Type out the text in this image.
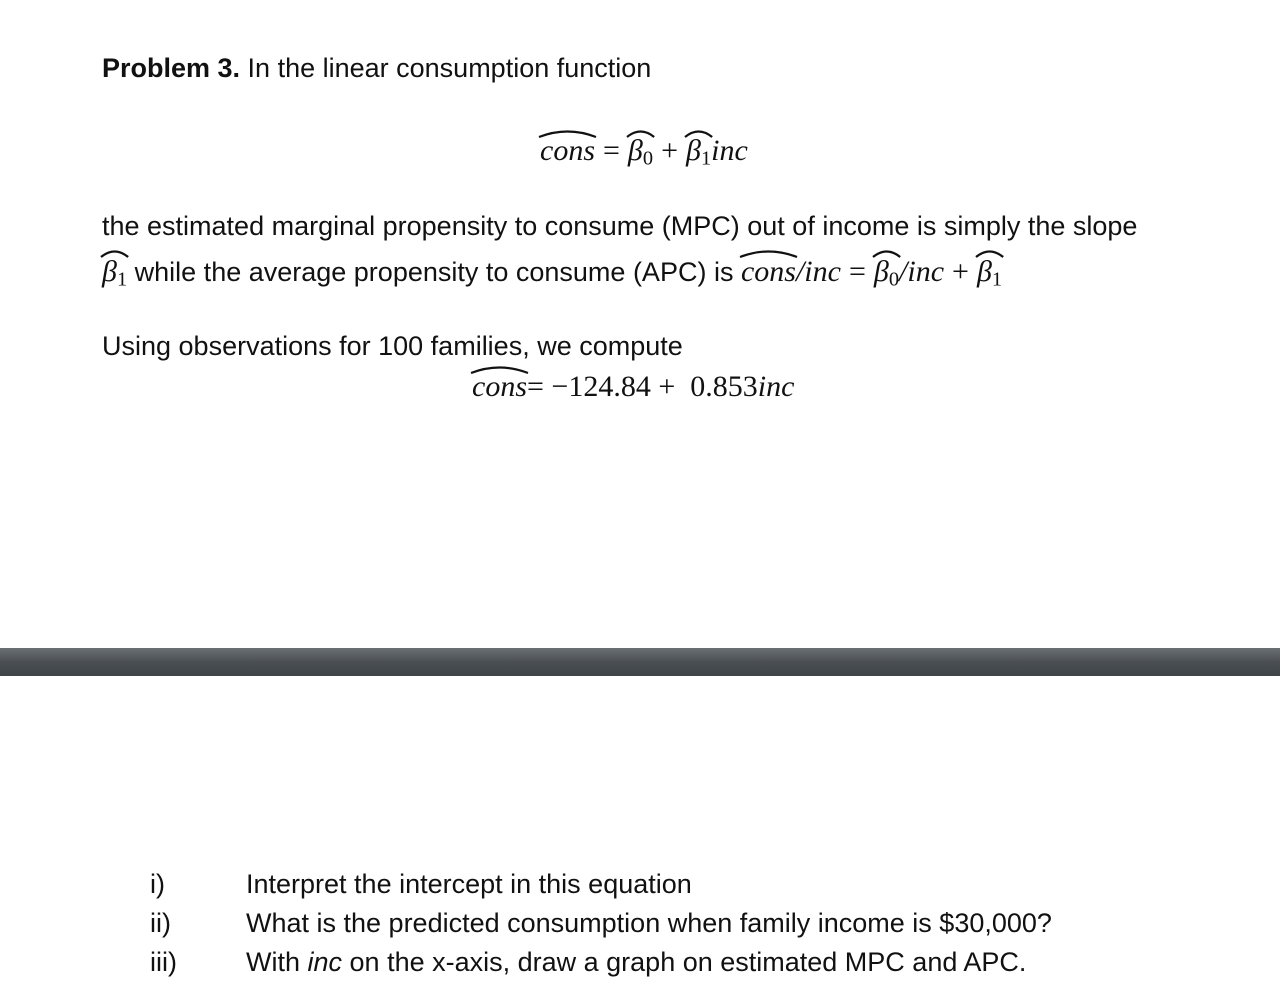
Problem 3. In the linear consumption function
cons = $\beta_0 + \beta_1inc$
the estimated marginal propensity to consume (MPC) out of income is simply the slope
$\beta_1$ while the average propensity to consume (APC) is
cons/inc = $\beta_0$/inc + $\beta_1$
Using observations for 100 families, we compute
cons= −124.84 +  0.853inc
i)	Interpret the intercept in this equation
ii)	What is the predicted consumption when family income is $30,000?
iii)	With inc on the x-axis, draw a graph on estimated MPC and APC.
